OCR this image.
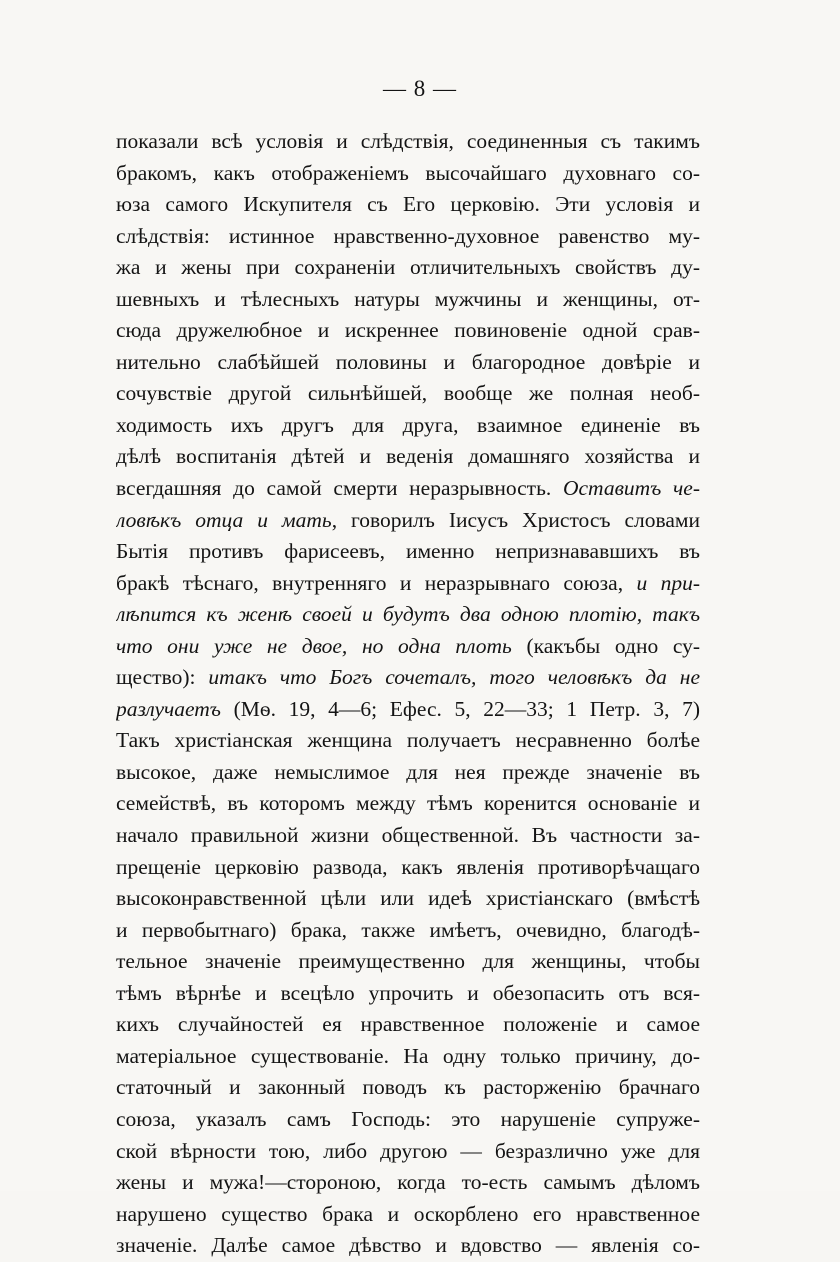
— 8 —
показали всѣ условія и слѣдствія, соединенныя съ такимъ
бракомъ, какъ отображеніемъ высочайшаго духовнаго со-
юза самого Искупителя съ Его церковію. Эти условія и
слѣдствія: истинное нравственно-духовное равенство му-
жа и жены при сохраненіи отличительныхъ свойствъ ду-
шевныхъ и тѣлесныхъ натуры мужчины и женщины, от-
сюда дружелюбное и искреннее повиновеніе одной срав-
нительно слабѣйшей половины и благородное довѣріе и
сочувствіе другой сильнѣйшей, вообще же полная необ-
ходимость ихъ другъ для друга, взаимное единеніе въ
дѣлѣ воспитанія дѣтей и веденія домашняго хозяйства и
всегдашняя до самой смерти неразрывность. Оставитъ че-
ловѣкъ отца и мать, говорилъ Іисусъ Христосъ словами
Бытія противъ фарисеевъ, именно непризнававшихъ въ
бракѣ тѣснаго, внутренняго и неразрывнаго союза, и при-
лѣпится къ женѣ своей и будутъ два одною плотію, такъ
что они уже не двое, но одна плоть (какъбы одно су-
щество): итакъ что Богъ сочеталъ, того человѣкъ да не
разлучаетъ (Мѳ. 19, 4—6; Ефес. 5, 22—33; 1 Петр. 3, 7)
Такъ христіанская женщина получаетъ несравненно болѣе
высокое, даже немыслимое для нея прежде значеніе въ
семействѣ, въ которомъ между тѣмъ коренится основаніе и
начало правильной жизни общественной. Въ частности за-
прещеніе церковію развода, какъ явленія противорѣчащаго
высоконравственной цѣли или идеѣ христіанскаго (вмѣстѣ
и первобытнаго) брака, также имѣетъ, очевидно, благодѣ-
тельное значеніе преимущественно для женщины, чтобы
тѣмъ вѣрнѣе и всецѣло упрочить и обезопасить отъ вся-
кихъ случайностей ея нравственное положеніе и самое
матеріальное существованіе. На одну только причину, до-
статочный и законный поводъ къ расторженію брачнаго
союза, указалъ самъ Господь: это нарушеніе супруже-
ской вѣрности тою, либо другою — безразлично уже для
жены и мужа!—стороною, когда то-есть самымъ дѣломъ
нарушено существо брака и оскорблено его нравственное
значеніе. Далѣе самое дѣвство и вдовство — явленія со-
